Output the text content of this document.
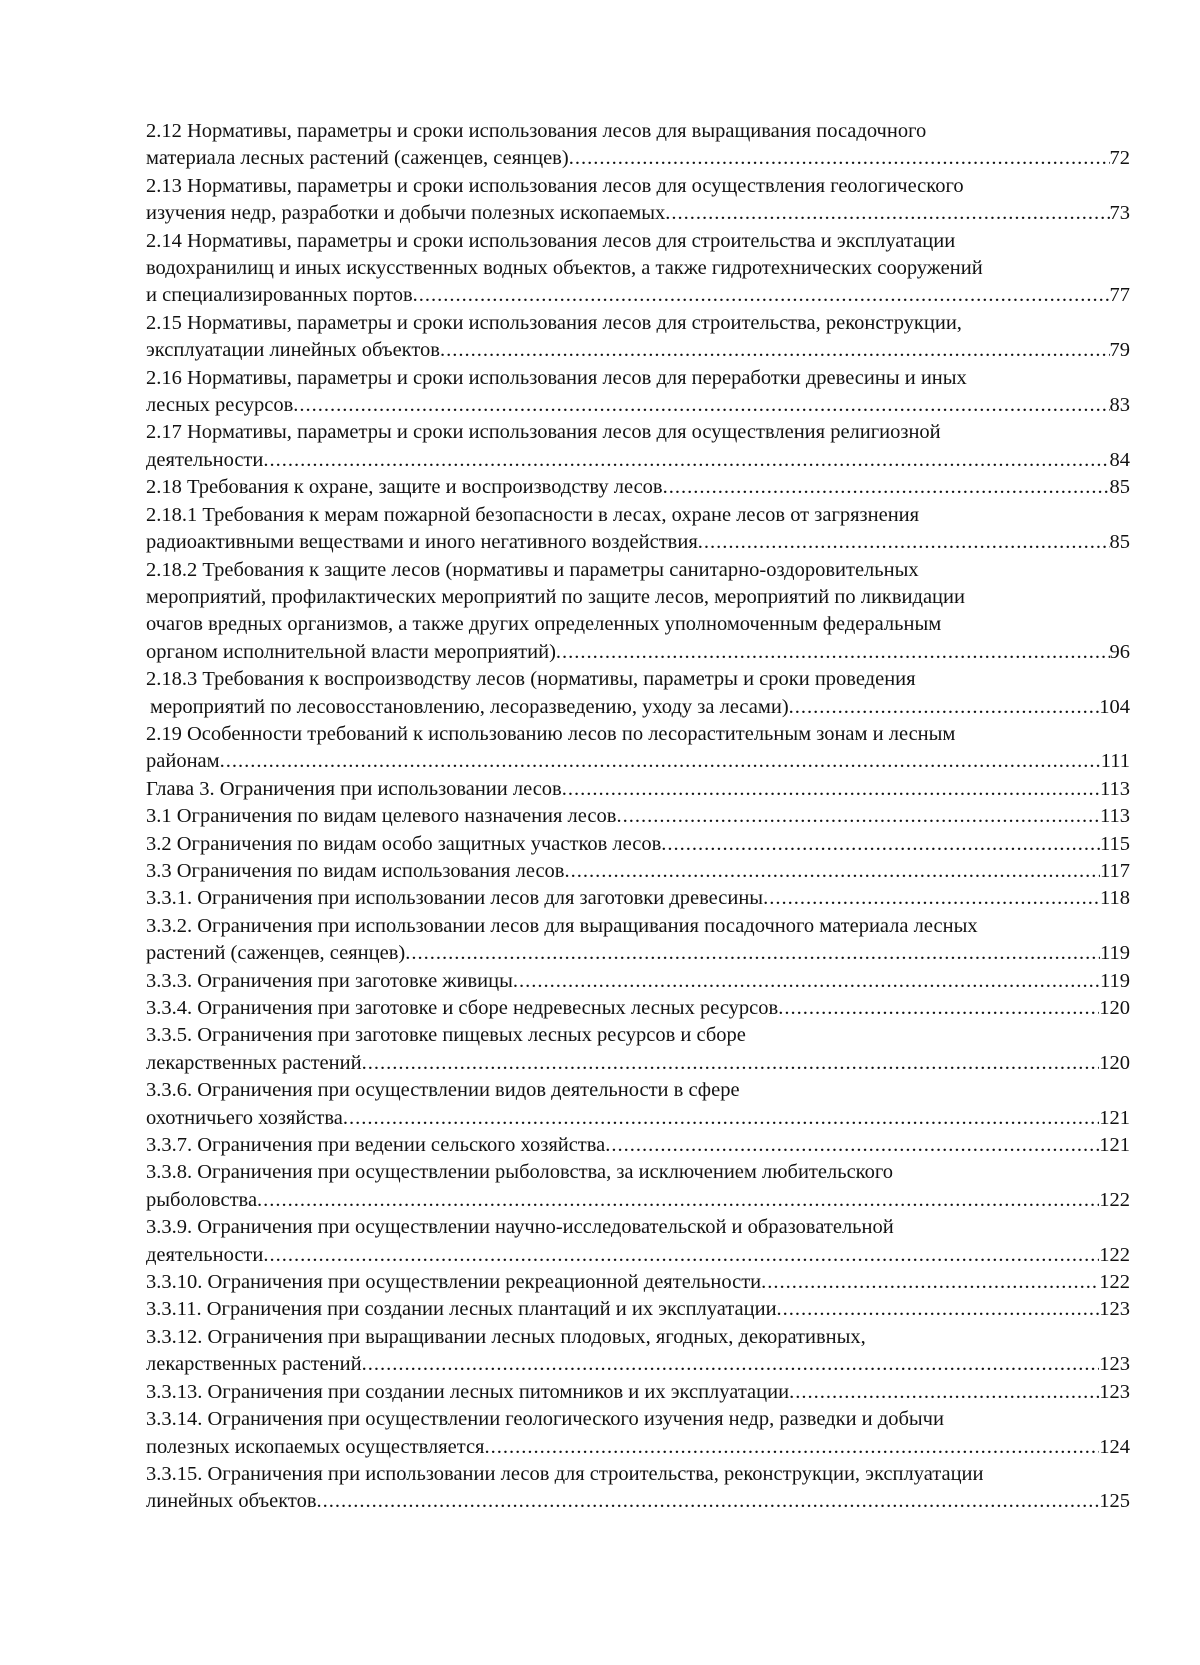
2.12 Нормативы, параметры и сроки использования лесов для выращивания посадочного
материала лесных растений (саженцев, сеянцев) .....	72
2.13 Нормативы, параметры и сроки использования лесов для осуществления геологического
изучения недр, разработки и добычи полезных ископаемых .....	73
2.14 Нормативы, параметры и сроки использования лесов для строительства и эксплуатации
водохранилищ и иных искусственных водных объектов, а также гидротехнических сооружений
и специализированных портов .....	77
2.15 Нормативы, параметры и сроки использования лесов для строительства, реконструкции,
эксплуатации линейных объектов .....	79
2.16 Нормативы, параметры и сроки использования лесов для переработки древесины и иных
лесных ресурсов .....	83
2.17 Нормативы, параметры и сроки использования лесов для осуществления религиозной
деятельности .....	84
2.18 Требования к охране, защите и воспроизводству лесов .....	85
2.18.1 Требования к мерам пожарной безопасности в лесах, охране лесов от загрязнения
радиоактивными веществами и иного негативного воздействия .....	85
2.18.2 Требования к защите лесов (нормативы и параметры санитарно-оздоровительных
мероприятий, профилактических мероприятий по защите лесов, мероприятий по ликвидации
очагов вредных организмов, а также других определенных уполномоченным федеральным
органом исполнительной власти мероприятий) .....	96
2.18.3 Требования к воспроизводству лесов (нормативы, параметры и сроки проведения
мероприятий по лесовосстановлению, лесоразведению, уходу за лесами) .....	104
2.19 Особенности требований к использованию лесов по лесорастительным зонам и лесным
районам .....	111
Глава 3. Ограничения при использовании лесов .....	113
3.1 Ограничения по видам целевого назначения лесов .....	113
3.2 Ограничения по видам особо защитных участков лесов .....	115
3.3 Ограничения по видам использования лесов .....	117
3.3.1. Ограничения при использовании лесов для заготовки древесины .....	118
3.3.2. Ограничения при использовании лесов для выращивания посадочного материала лесных
растений (саженцев, сеянцев) .....	119
3.3.3. Ограничения при заготовке живицы .....	119
3.3.4. Ограничения при заготовке и сборе недревесных лесных ресурсов .....	120
3.3.5. Ограничения при заготовке пищевых лесных ресурсов и сборе
лекарственных растений .....	120
3.3.6. Ограничения при осуществлении видов деятельности в сфере
охотничьего хозяйства .....	121
3.3.7. Ограничения при ведении сельского хозяйства .....	121
3.3.8. Ограничения при осуществлении рыболовства, за исключением любительского
рыболовства .....	122
3.3.9. Ограничения при осуществлении научно-исследовательской и образовательной
деятельности .....	122
3.3.10. Ограничения при осуществлении рекреационной деятельности .....	122
3.3.11. Ограничения при создании лесных плантаций и их эксплуатации .....	123
3.3.12. Ограничения при выращивании лесных плодовых, ягодных, декоративных,
лекарственных растений .....	123
3.3.13. Ограничения при создании лесных питомников и их эксплуатации .....	123
3.3.14. Ограничения при осуществлении геологического изучения недр, разведки и добычи
полезных ископаемых осуществляется .....	124
3.3.15. Ограничения при использовании лесов для строительства, реконструкции, эксплуатации
линейных объектов .....	125
